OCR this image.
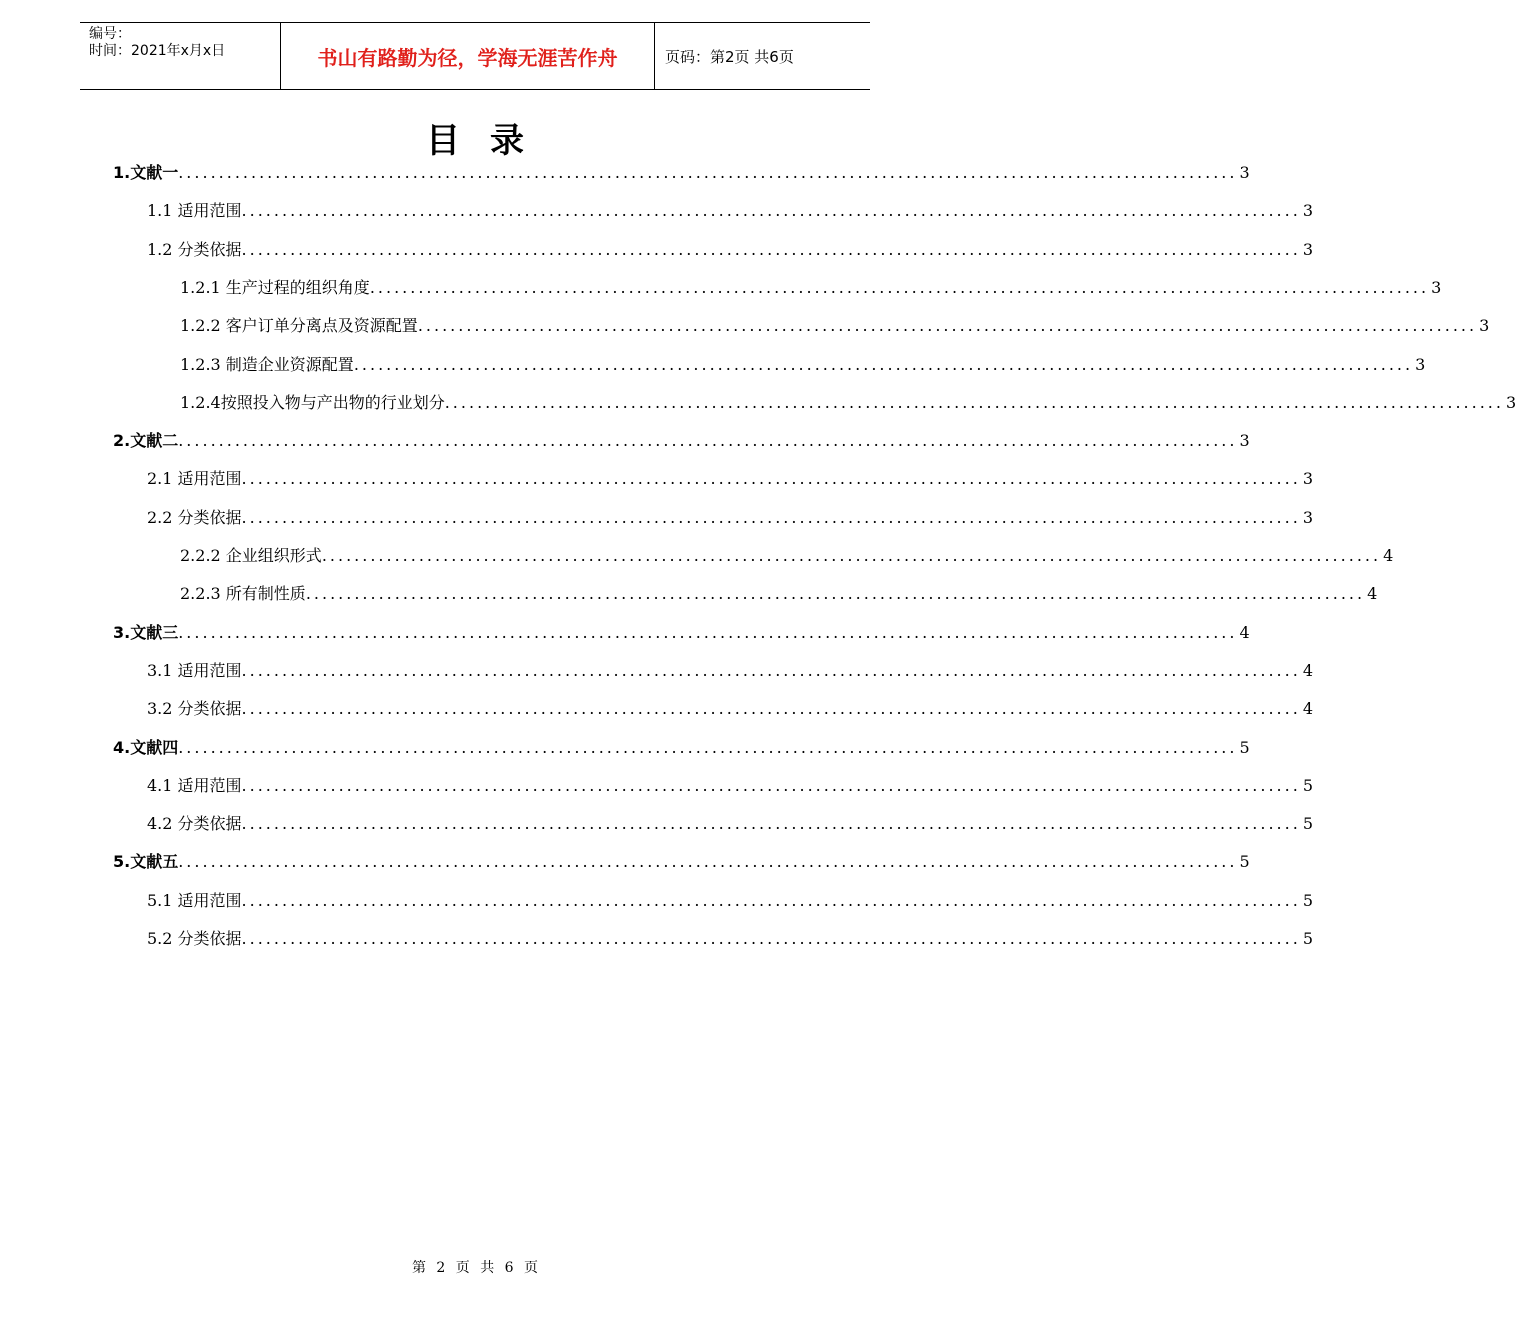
编号：
时间：2021年x月x日	书山有路勤为径，学海无涯苦作舟	页码：第2页 共6页
目录
1.文献一 ................................................................................................................................... 3
1.1 适用范围 ................................................................................................................................... 3
1.2 分类依据 ................................................................................................................................... 3
1.2.1 生产过程的组织角度 ................................................................................................................................... 3
1.2.2 客户订单分离点及资源配置 ................................................................................................................................... 3
1.2.3 制造企业资源配置 ................................................................................................................................... 3
1.2.4按照投入物与产出物的行业划分 ................................................................................................................................... 3
2.文献二 ................................................................................................................................... 3
2.1 适用范围 ................................................................................................................................... 3
2.2 分类依据 ................................................................................................................................... 3
2.2.2 企业组织形式 ................................................................................................................................... 4
2.2.3 所有制性质 ................................................................................................................................... 4
3.文献三 ................................................................................................................................... 4
3.1 适用范围 ................................................................................................................................... 4
3.2 分类依据 ................................................................................................................................... 4
4.文献四 ................................................................................................................................... 5
4.1 适用范围 ................................................................................................................................... 5
4.2 分类依据 ................................................................................................................................... 5
5.文献五 ................................................................................................................................... 5
5.1 适用范围 ................................................................................................................................... 5
5.2 分类依据 ................................................................................................................................... 5
第 2 页 共 6 页
